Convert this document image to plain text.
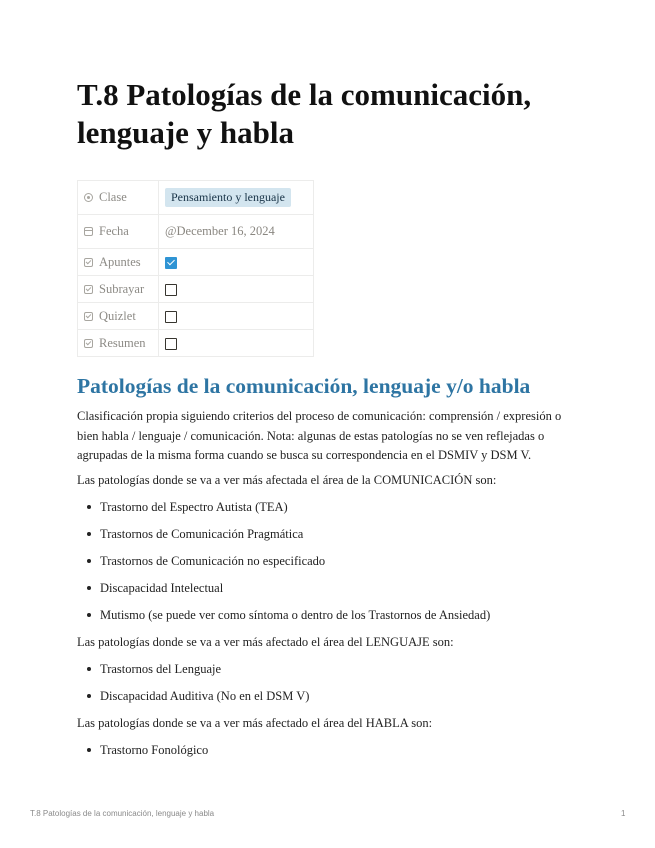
T.8 Patologías de la comunicación, lenguaje y habla
Clase	Pensamiento y lenguaje
Fecha	@December 16, 2024
Apuntes	
Subrayar	
Quizlet	
Resumen	
Patologías de la comunicación, lenguaje y/o habla

Clasificación propia siguiendo criterios del proceso de comunicación: comprensión / expresión o bien habla / lenguaje / comunicación. Nota: algunas de estas patologías no se ven reflejadas o agrupadas de la misma forma cuando se busca su correspondencia en el DSMIV y DSM V.

Las patologías donde se va a ver más afectada el área de la COMUNICACIÓN son:

Trastorno del Espectro Autista (TEA)
Trastornos de Comunicación Pragmática
Trastornos de Comunicación no especificado
Discapacidad Intelectual
Mutismo (se puede ver como síntoma o dentro de los Trastornos de Ansiedad)

Las patologías donde se va a ver más afectado el área del LENGUAJE son:

Trastornos del Lenguaje
Discapacidad Auditiva (No en el DSM V)

Las patologías donde se va a ver más afectado el área del HABLA son:

Trastorno Fonológico
T.8 Patologías de la comunicación, lenguaje y habla	1
